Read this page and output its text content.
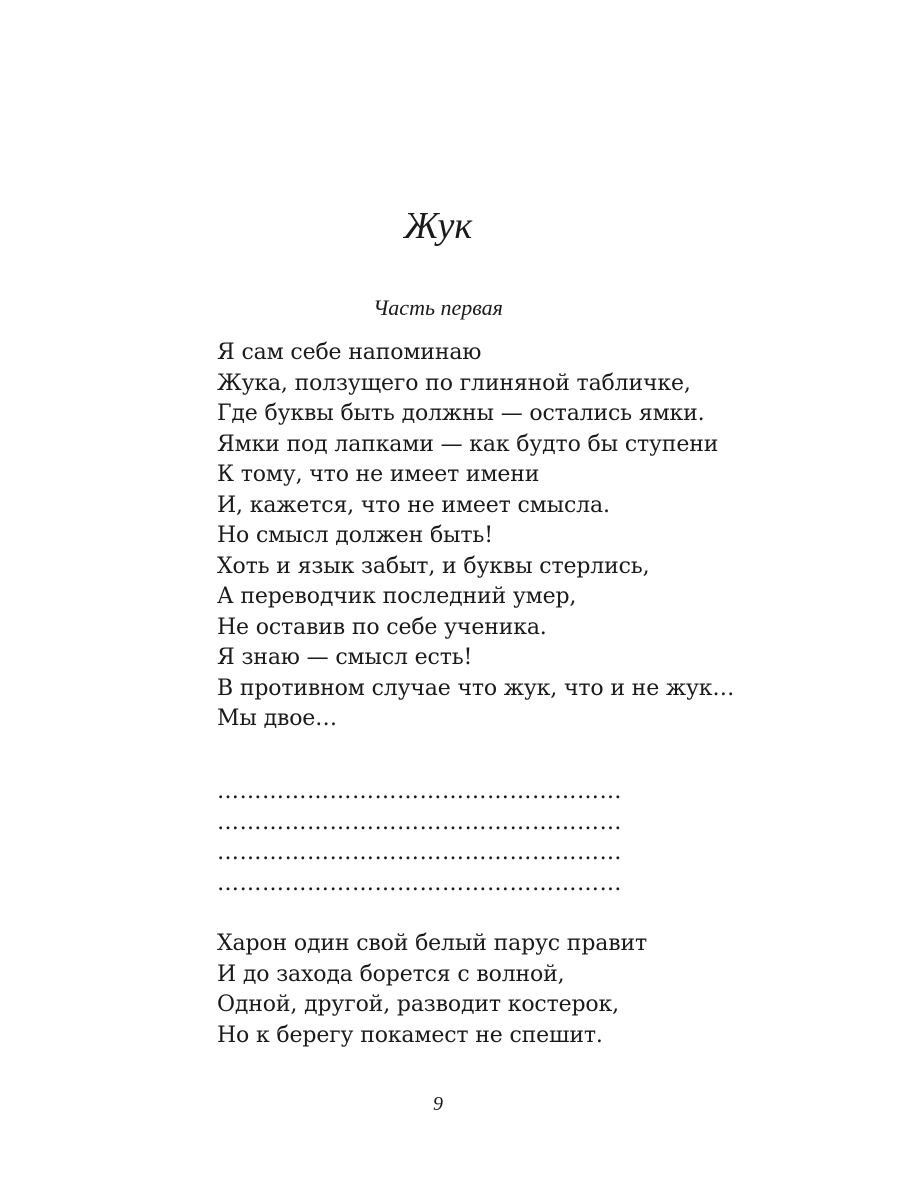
Жук
Часть первая
Я сам себе напоминаю
Жука, ползущего по глиняной табличке,
Где буквы быть должны — остались ямки.
Ямки под лапками — как будто бы ступени
К тому, что не имеет имени
И, кажется, что не имеет смысла.
Но смысл должен быть!
Хоть и язык забыт, и буквы стерлись,
А переводчик последний умер,
Не оставив по себе ученика.
Я знаю — смысл есть!
В противном случае что жук, что и не жук…
Мы двое…
………………………………………………
………………………………………………
………………………………………………
………………………………………………
Харон один свой белый парус правит
И до захода борется с волной,
Одной, другой, разводит костерок,
Но к берегу покамест не спешит.
9
